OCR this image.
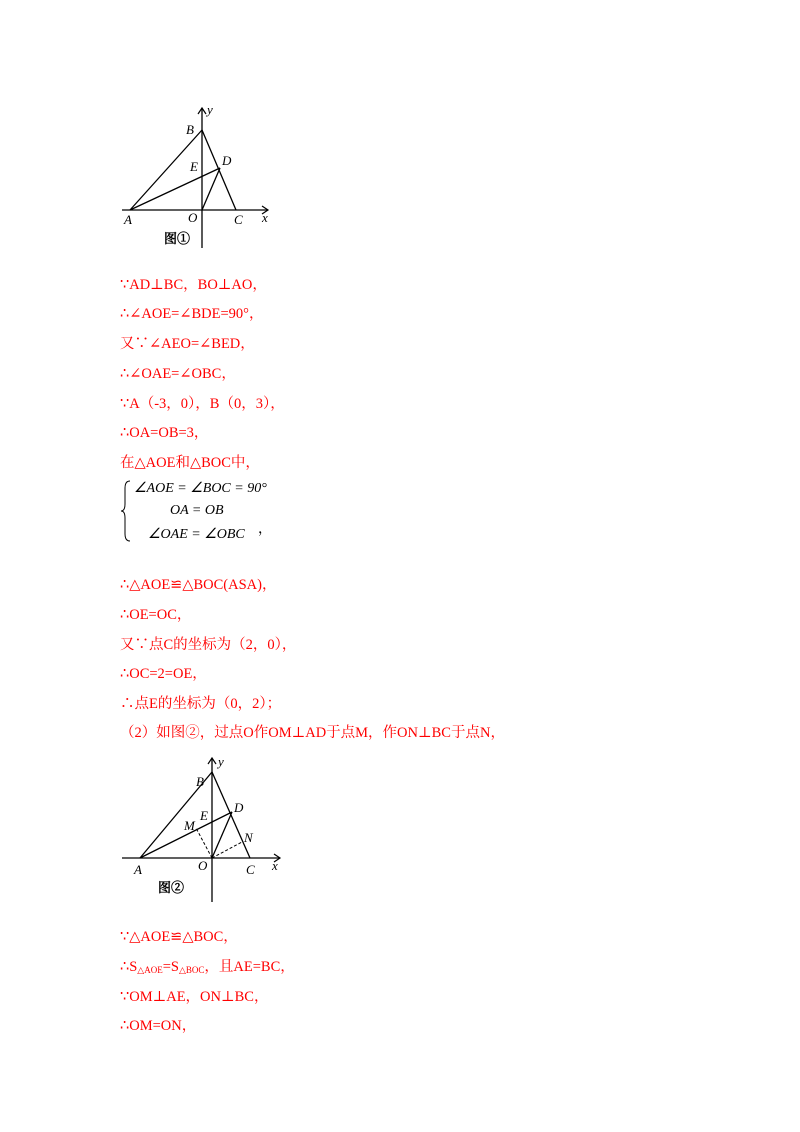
y
B
D
E
A	O	C x
图①
∵AD⊥BC，BO⊥AO，
∴∠AOE=∠BDE=90°，
又∵∠AEO=∠BED，
∴∠OAE=∠OBC，
∵A（-3，0），B（0，3），
∴OA=OB=3，
在△AOE和△BOC中，
∠AOE = ∠BOC = 90°
OA = OB
∠OAE = ∠OBC ，
∴△AOE≌△BOC(ASA)，
∴OE=OC，
又∵点C的坐标为（2，0），
∴OC=2=OE，
∴点E的坐标为（0，2）；
（2）如图②，过点O作OM⊥AD于点M，作ON⊥BC于点N，
y
B
D
E
M
N
A	O	C x
图②
∵△AOE≌△BOC，
$\therefore S_{\triangle AOE}=S_{\triangle BOC}$，且AE=BC，
∵OM⊥AE，ON⊥BC，
∴OM=ON，
